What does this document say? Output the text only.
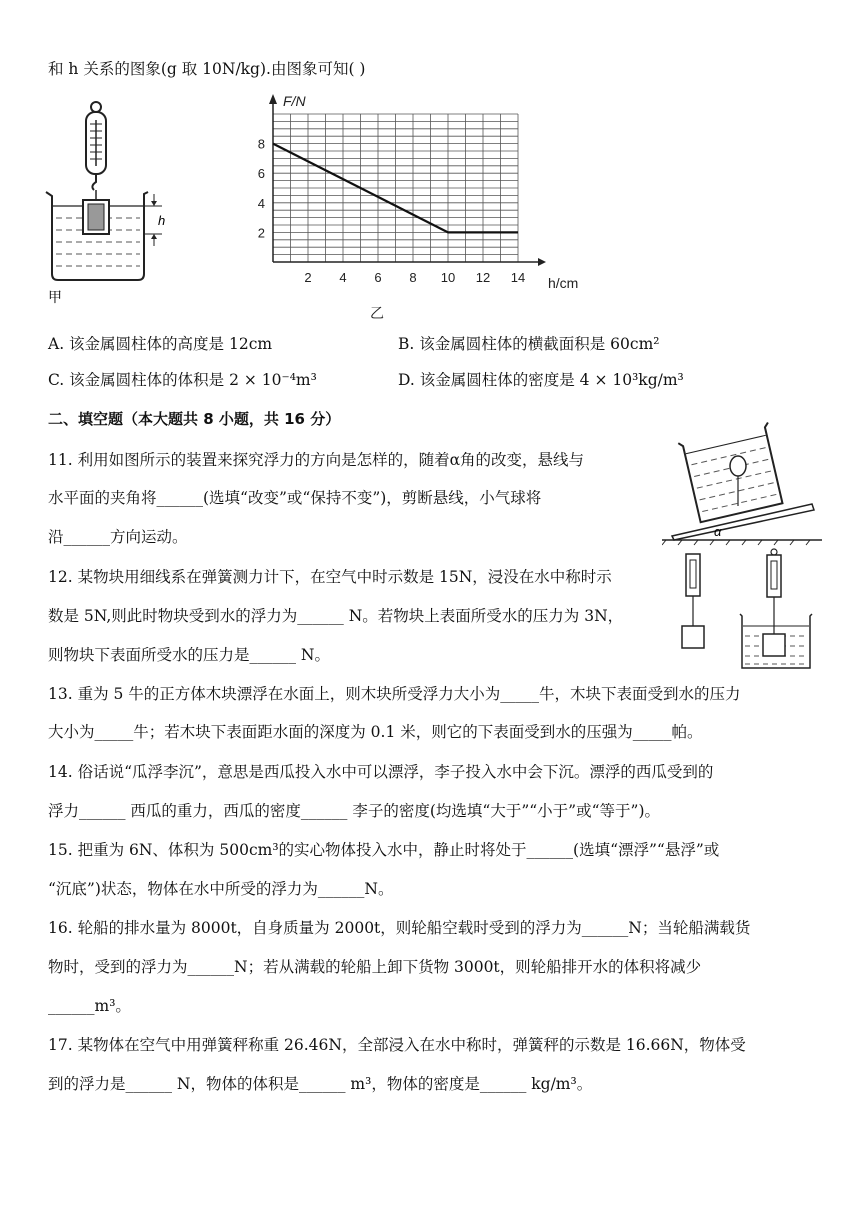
和 h 关系的图象(g 取 10N/kg).由图象可知( )
h
甲
2 4 6 8 10 12 14
2
4
6
8
F/N
h/cm
乙
A. 该金属圆柱体的高度是 12cm	B. 该金属圆柱体的横截面积是 60cm²
C. 该金属圆柱体的体积是 2 × 10⁻⁴m³	D. 该金属圆柱体的密度是 4 × 10³kg/m³
二、填空题（本大题共 8 小题，共 16 分）
α
11. 利用如图所示的装置来探究浮力的方向是怎样的，随着α角的改变，悬线与
水平面的夹角将______(选填“改变”或“保持不变”)，剪断悬线，小气球将
沿______方向运动。
12. 某物块用细线系在弹簧测力计下，在空气中时示数是 15N，浸没在水中称时示
数是 5N,则此时物块受到水的浮力为______ N。若物块上表面所受水的压力为 3N，
则物块下表面所受水的压力是______ N。
13. 重为 5 牛的正方体木块漂浮在水面上，则木块所受浮力大小为_____牛，木块下表面受到水的压力
大小为_____牛；若木块下表面距水面的深度为 0.1 米，则它的下表面受到水的压强为_____帕。
14. 俗话说“瓜浮李沉”，意思是西瓜投入水中可以漂浮，李子投入水中会下沉。漂浮的西瓜受到的
浮力______ 西瓜的重力，西瓜的密度______ 李子的密度(均选填“大于”“小于”或“等于”)。
15. 把重为 6N、体积为 500cm³的实心物体投入水中，静止时将处于______(选填“漂浮”“悬浮”或
“沉底”)状态，物体在水中所受的浮力为______N。
16. 轮船的排水量为 8000t，自身质量为 2000t，则轮船空载时受到的浮力为______N；当轮船满载货
物时，受到的浮力为______N；若从满载的轮船上卸下货物 3000t，则轮船排开水的体积将减少
______m³。
17. 某物体在空气中用弹簧秤称重 26.46N，全部浸入在水中称时，弹簧秤的示数是 16.66N，物体受
到的浮力是______ N，物体的体积是______ m³，物体的密度是______ kg/m³。
